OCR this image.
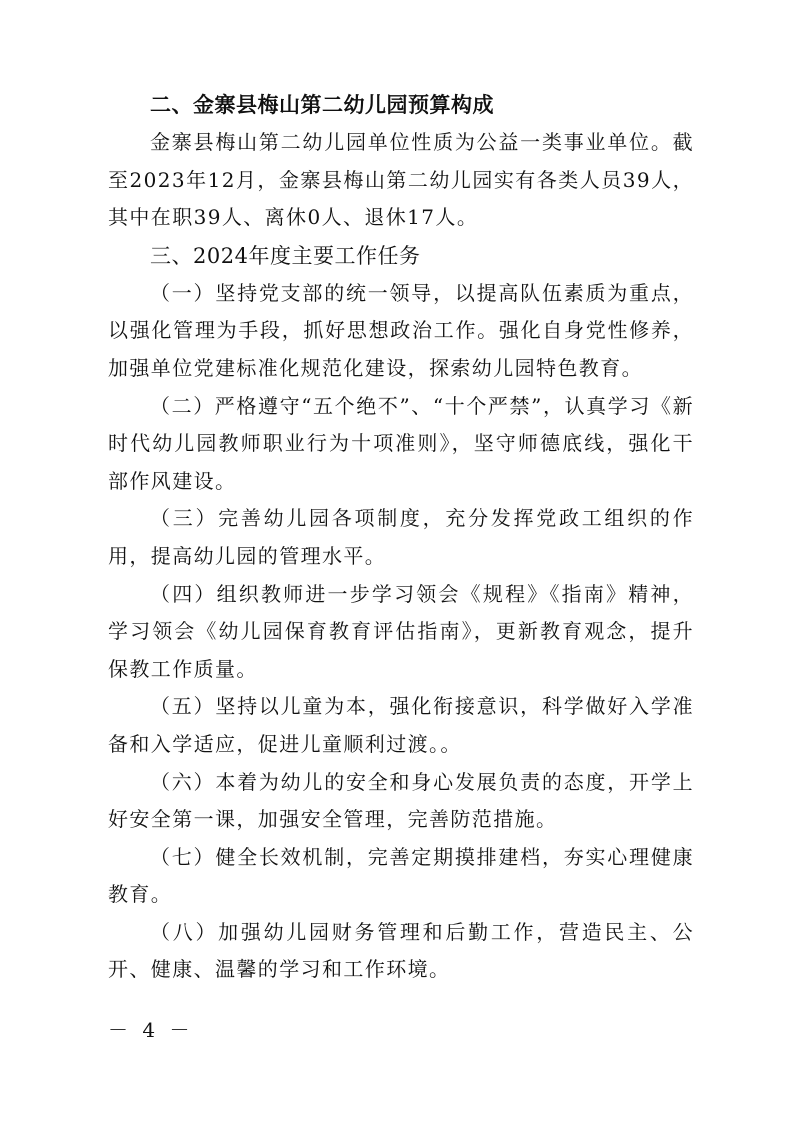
二、金寨县梅山第二幼儿园预算构成

金寨县梅山第二幼儿园单位性质为公益一类事业单位。截至2023年12月，金寨县梅山第二幼儿园实有各类人员39人，其中在职39人、离休0人、退休17人。

三、2024年度主要工作任务

（一）坚持党支部的统一领导，以提高队伍素质为重点，以强化管理为手段，抓好思想政治工作。强化自身党性修养，加强单位党建标准化规范化建设，探索幼儿园特色教育。

（二）严格遵守“五个绝不”、“十个严禁”，认真学习《新时代幼儿园教师职业行为十项准则》，坚守师德底线，强化干部作风建设。

（三）完善幼儿园各项制度，充分发挥党政工组织的作用，提高幼儿园的管理水平。

（四）组织教师进一步学习领会《规程》《指南》精神，学习领会《幼儿园保育教育评估指南》，更新教育观念，提升保教工作质量。

（五）坚持以儿童为本，强化衔接意识，科学做好入学准备和入学适应，促进儿童顺利过渡。。

（六）本着为幼儿的安全和身心发展负责的态度，开学上好安全第一课，加强安全管理，完善防范措施。

（七）健全长效机制，完善定期摸排建档，夯实心理健康教育。

（八）加强幼儿园财务管理和后勤工作，营造民主、公开、健康、温馨的学习和工作环境。

－ 4 －
